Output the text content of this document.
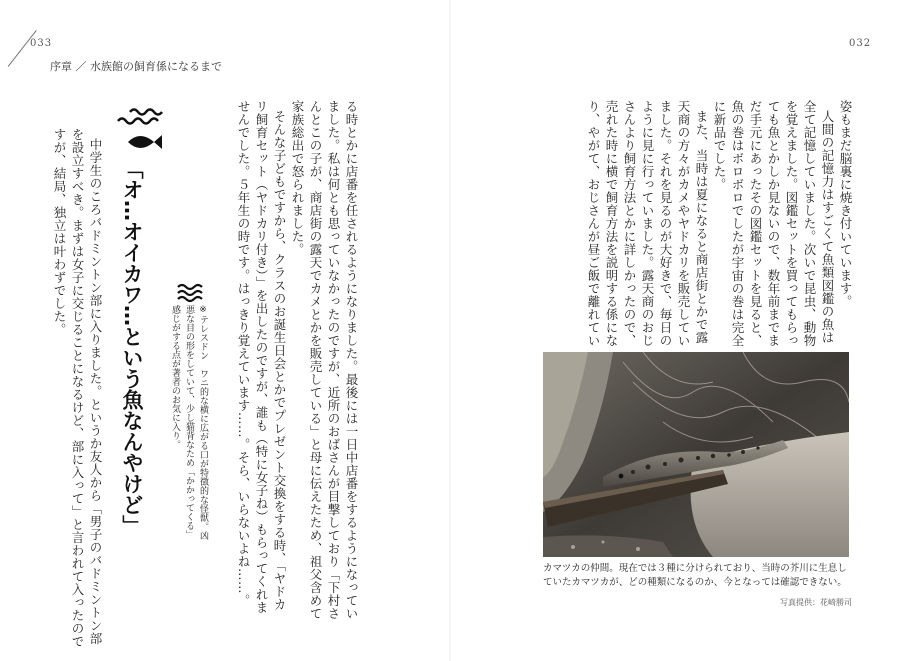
033
序章 ／ 水族館の飼育係になるまで
032
る時とかに店番を任されるようになりました。最後には一日中店番をするようになってい
ました。私は何とも思っていなかったのですが、近所のおばさんが目撃しており「下村さ
んとこの子が、商店街の露天でカメとかを販売している」と母に伝えたため、祖父含めて
家族総出で怒られました。
そんな子どもですから、クラスのお誕生日会とかでプレゼント交換をする時、「ヤドカ
リ飼育セット（ヤドカリ付き）」を出したのですが、誰も（特に女子ね）もらってくれま
せんでした。５年生の時です。はっきり覚えています……。そら、いらないよね……。
※テレスドン　ワニ的な横に広がる口が特徴的な怪獣。凶
悪な目の形をしていて、少し猫背なため「かかってくる」
感じがする点が著者のお気に入り。
「オ…オイカワ…という魚なんやけど」
中学生のころバドミントン部に入りました。というか友人から「男子のバドミントン部
を設立すべき。まずは女子に交じることになるけど、部に入って」と言われて入ったので
すが、結局、独立は叶わずでした。	姿もまだ脳裏に焼き付いています。
人間の記憶力はすごくて魚類図鑑の魚は
全て記憶していました。次いで昆虫、動物
を覚えました。図鑑セットを買ってもらっ
ても魚とかしか見ないので、数年前までま
だ手元にあったその図鑑セットを見ると、
魚の巻はボロボロでしたが宇宙の巻は完全
に新品でした。
また、当時は夏になると商店街とかで露
天商の方々がカメやヤドカリを販売してい
ました。それを見るのが大好きで、毎日の
ように見に行っていました。露天商のおじ
さんより飼育方法とかに詳しかったので、
売れた時に横で飼育方法を説明する係にな
り、やがて、おじさんが昼ご飯で離れてい

カマツカの仲間。現在では３種に分けられており、当時の芥川に生息していたカマツカが、どの種類になるのか、今となっては確認できない。

写真提供：花崎勝司
